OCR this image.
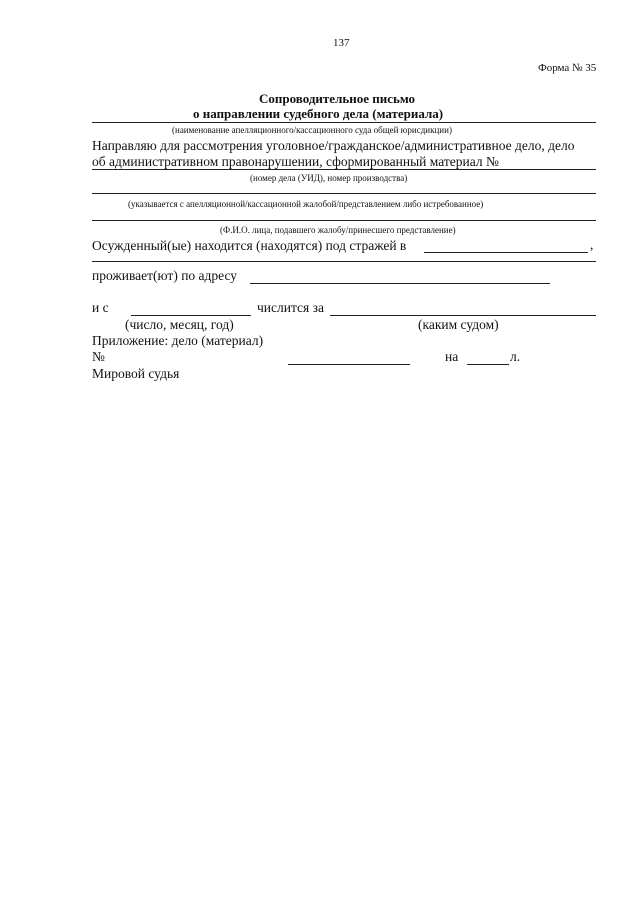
137
Форма № 35
Сопроводительное письмо
о направлении судебного дела (материала)
(наименование апелляционного/кассационного суда общей юрисдикции)
Направляю для рассмотрения уголовное/гражданское/административное дело, дело
об административном правонарушении, сформированный материал №
(номер дела (УИД), номер производства)
(указывается с апелляционной/кассационной жалобой/представлением либо истребованное)
(Ф.И.О. лица, подавшего жалобу/принесшего представление)
Осужденный(ые) находится (находятся) под стражей в	,
проживает(ют) по адресу
и с	числится за
(число, месяц, год)	(каким судом)
Приложение: дело (материал)
№	на	л.
Мировой судья
